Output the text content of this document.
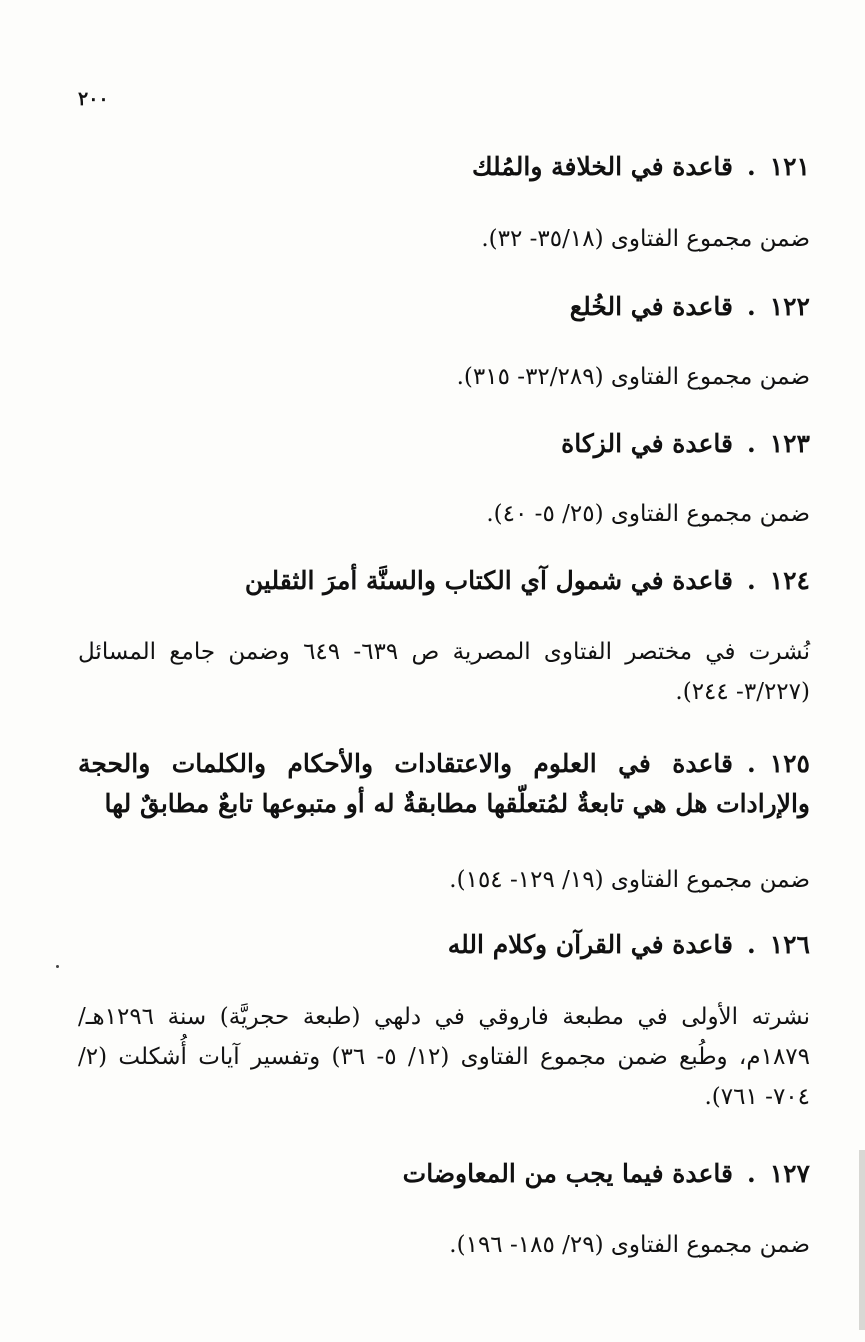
٢٠٠
١٢١.قاعدة في الخلافة والمُلك
ضمن مجموع الفتاوى (٣٥/١٨- ٣٢).
١٢٢.قاعدة في الخُلع
ضمن مجموع الفتاوى (٣٢/٢٨٩- ٣١٥).
١٢٣.قاعدة في الزكاة
ضمن مجموع الفتاوى (٢٥/ ٥- ٤٠).
١٢٤.قاعدة في شمول آي الكتاب والسنَّة أمرَ الثقلين
نُشرت في مختصر الفتاوى المصرية ص ٦٣٩- ٦٤٩ وضمن جامع المسائل (٣/٢٢٧- ٢٤٤).
١٢٥.قاعدة في العلوم والاعتقادات والأحكام والكلمات والحجة والإرادات هل هي تابعةٌ لمُتعلّقها مطابقةٌ له أو متبوعها تابعٌ مطابقٌ لها
ضمن مجموع الفتاوى (١٩/ ١٢٩- ١٥٤).
١٢٦.قاعدة في القرآن وكلام الله
نشرته الأولى في مطبعة فاروقي في دلهي (طبعة حجريَّة) سنة ١٢٩٦هـ/ ١٨٧٩م، وطُبع ضمن مجموع الفتاوى (١٢/ ٥- ٣٦) وتفسير آيات أُشكلت (٢/ ٧٠٤- ٧٦١).
١٢٧.قاعدة فيما يجب من المعاوضات
ضمن مجموع الفتاوى (٢٩/ ١٨٥- ١٩٦).
